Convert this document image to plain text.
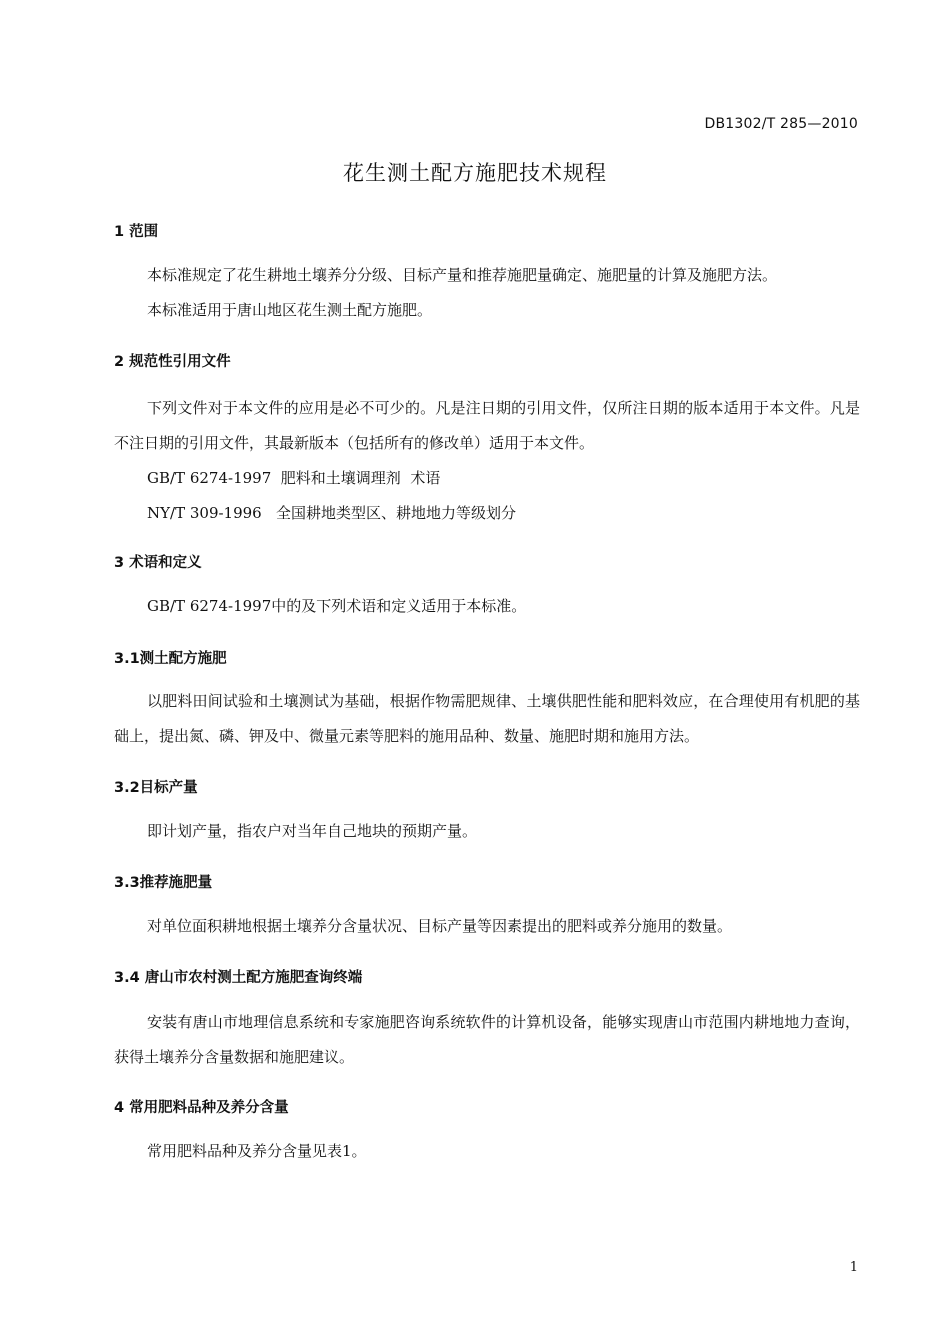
DB1302/T 285—2010
花生测土配方施肥技术规程
1 范围
本标准规定了花生耕地土壤养分分级、目标产量和推荐施肥量确定、施肥量的计算及施肥方法。
本标准适用于唐山地区花生测土配方施肥。
2 规范性引用文件
下列文件对于本文件的应用是必不可少的。凡是注日期的引用文件，仅所注日期的版本适用于本文件。凡是不注日期的引用文件，其最新版本（包括所有的修改单）适用于本文件。
GB/T 6274-1997  肥料和土壤调理剂  术语
NY/T 309-1996   全国耕地类型区、耕地地力等级划分
3 术语和定义
GB/T 6274-1997中的及下列术语和定义适用于本标准。
3.1测土配方施肥
以肥料田间试验和土壤测试为基础，根据作物需肥规律、土壤供肥性能和肥料效应，在合理使用有机肥的基础上，提出氮、磷、钾及中、微量元素等肥料的施用品种、数量、施肥时期和施用方法。
3.2目标产量
即计划产量，指农户对当年自己地块的预期产量。
3.3推荐施肥量
对单位面积耕地根据土壤养分含量状况、目标产量等因素提出的肥料或养分施用的数量。
3.4 唐山市农村测土配方施肥查询终端
安装有唐山市地理信息系统和专家施肥咨询系统软件的计算机设备，能够实现唐山市范围内耕地地力查询，获得土壤养分含量数据和施肥建议。
4 常用肥料品种及养分含量
常用肥料品种及养分含量见表1。
1
